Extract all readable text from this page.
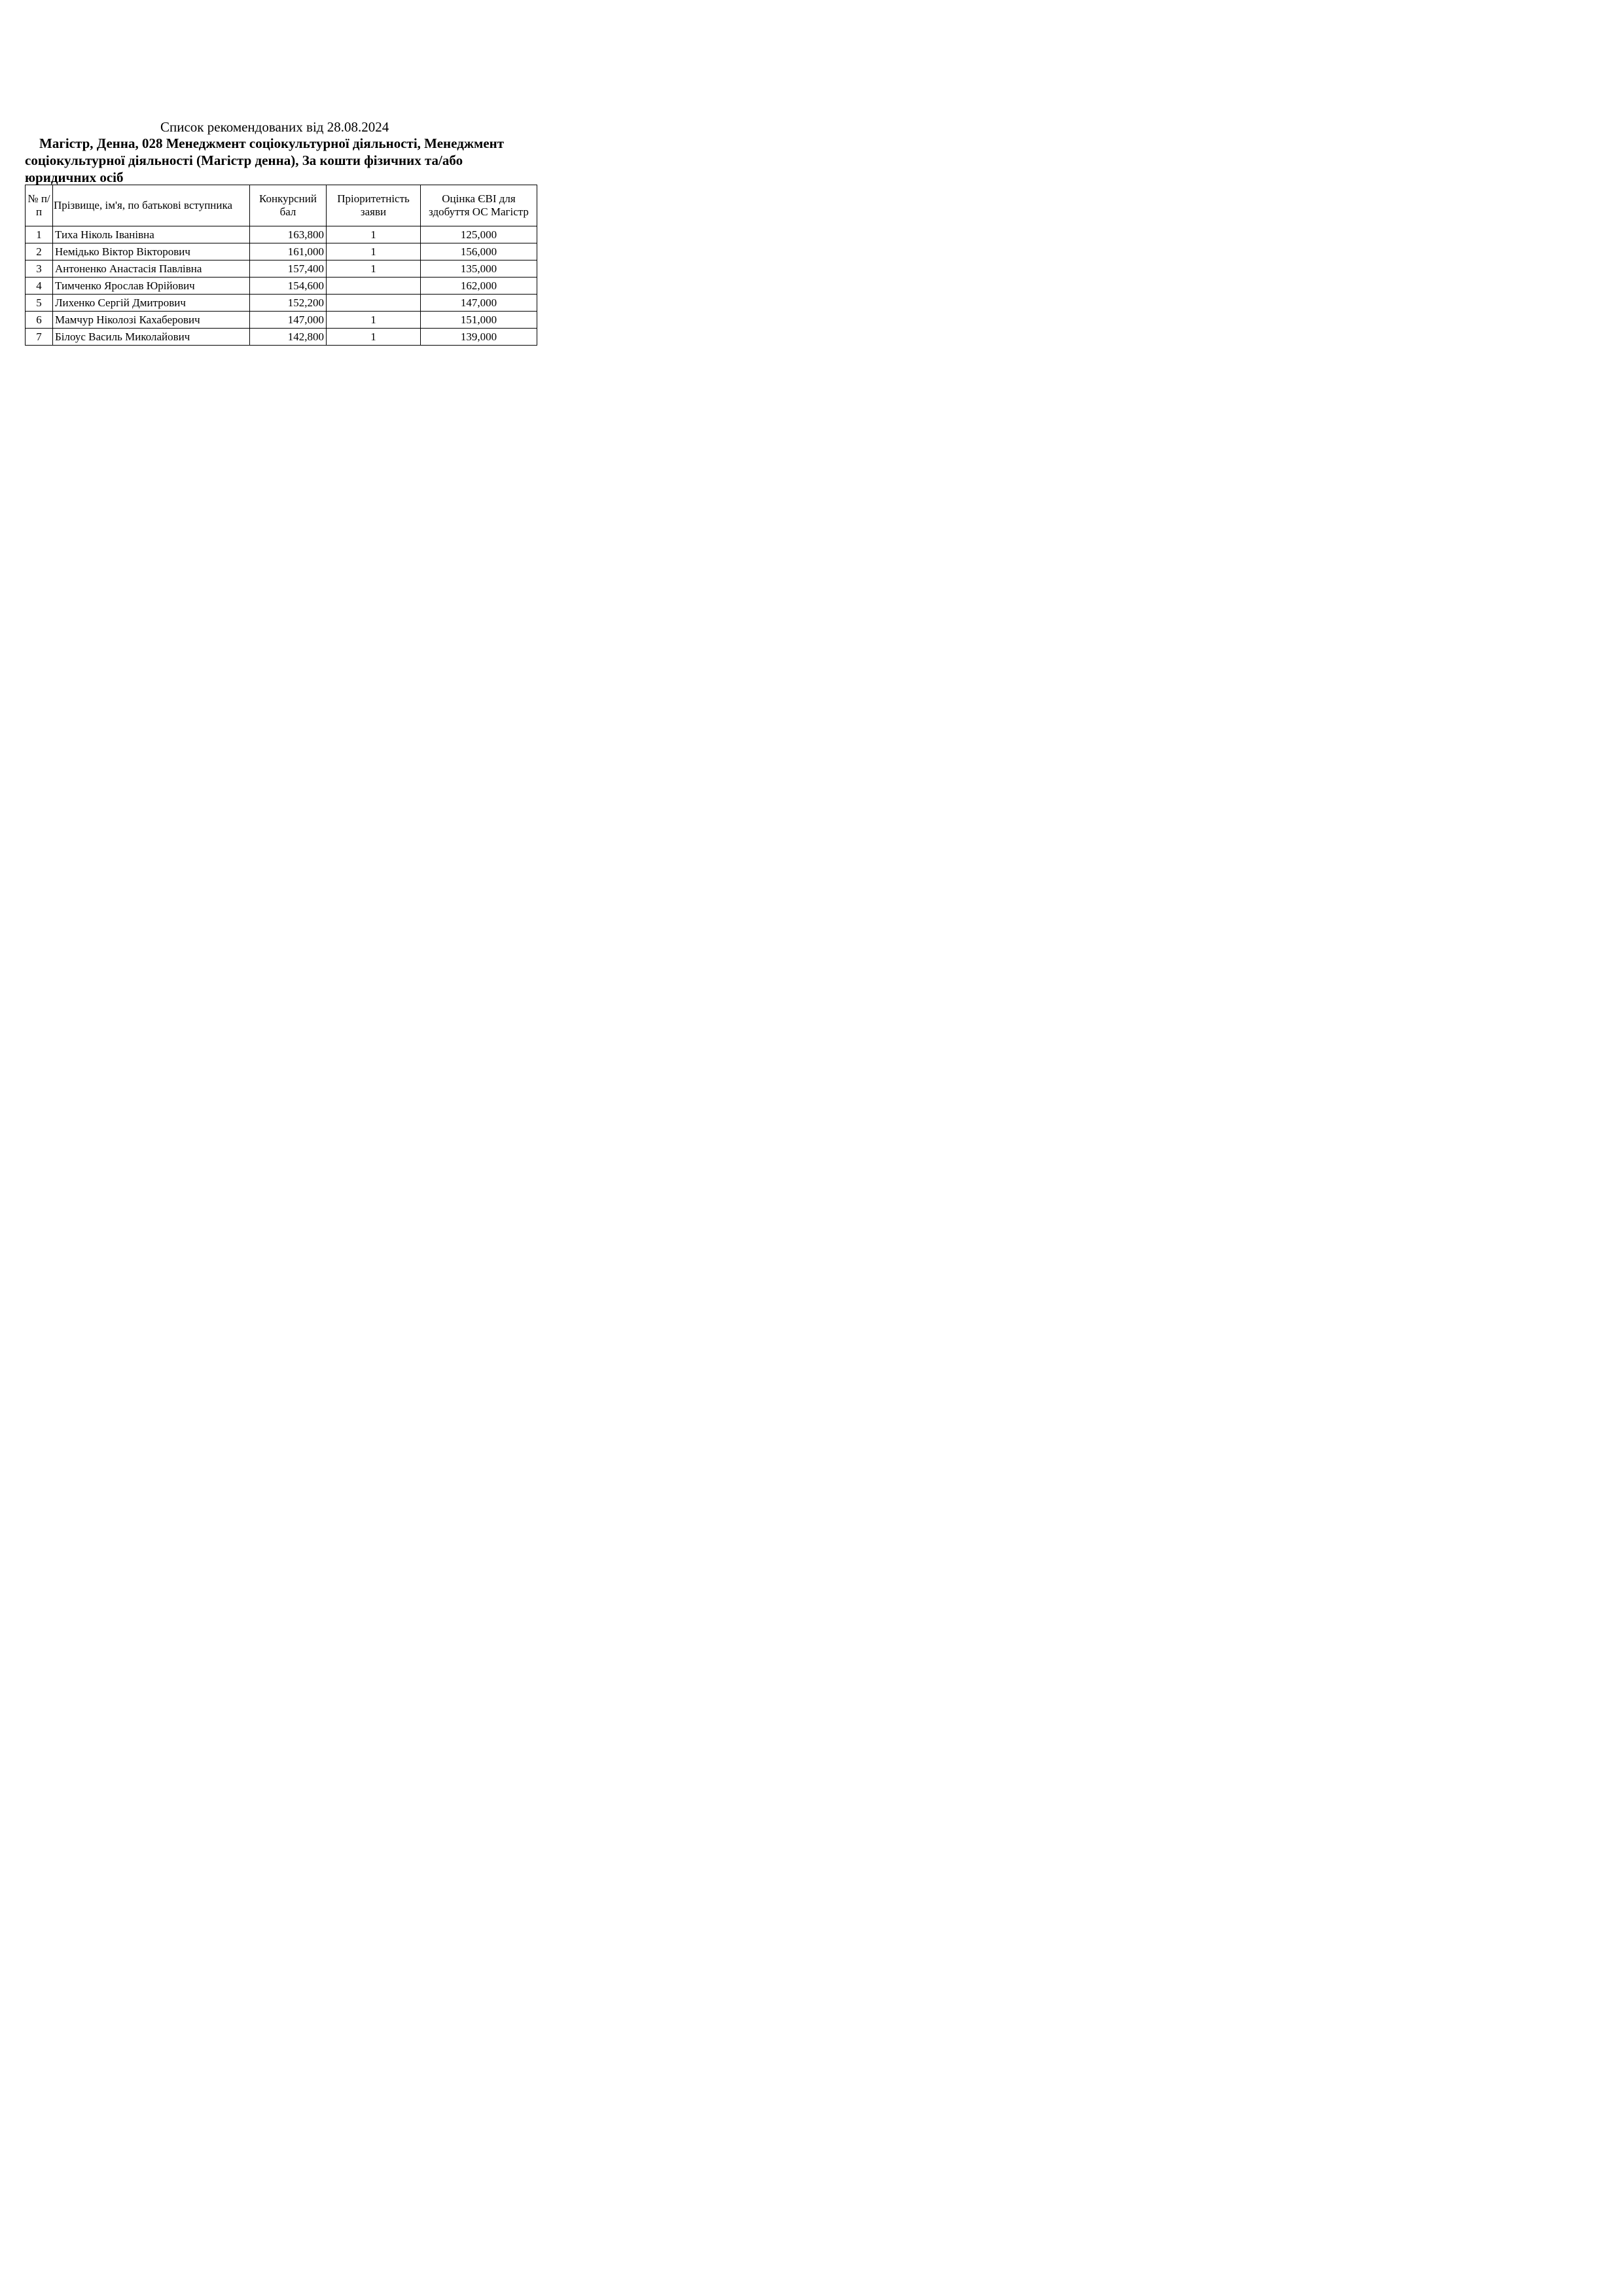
Список рекомендованих від 28.08.2024
Магістр, Денна, 028 Менеджмент соціокультурної діяльності, Менеджмент
соціокультурної діяльності (Магістр денна), За кошти фізичних та/або
юридичних осіб
№ п/п	Прізвище, ім'я, по батькові вступника	Конкурсний бал	Пріоритетність заяви	Оцінка ЄВІ для здобуття ОС Магістр
1	Тиха Ніколь Іванівна	163,800	1	125,000
2	Немідько Віктор Вікторович	161,000	1	156,000
3	Антоненко Анастасія Павлівна	157,400	1	135,000
4	Тимченко Ярослав Юрійович	154,600		162,000
5	Лихенко Сергій Дмитрович	152,200		147,000
6	Мамчур Ніколозі Кахаберович	147,000	1	151,000
7	Білоус Василь Миколайович	142,800	1	139,000
